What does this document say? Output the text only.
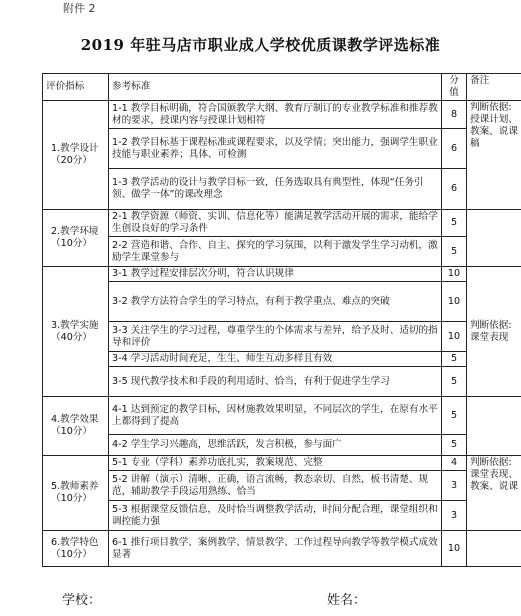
附件 2
2019 年驻马店市职业成人学校优质课教学评选标准
评价指标	参考标准	分值	备注
1.教学设计（20分）	1-1 教学目标明确，符合国颁教学大纲、教育厅制订的专业教学标准和推荐教材的要求，授课内容与授课计划相符	8	判断依据:授课计划、教案、说课稿
	1-2 教学目标基于课程标准或课程要求，以及学情；突出能力，强调学生职业技能与职业素养；具体、可检测	6	
	1-3 教学活动的设计与教学目标一致，任务选取具有典型性，体现“任务引领、做学一体”的课改理念	6	
2.教学环境（10分）	2-1 教学资源（师资、实训、信息化等）能满足教学活动开展的需求，能给学生创设良好的学习条件	5	
	2-2 营造和谐、合作、自主、探究的学习氛围，以利于激发学生学习动机，激励学生课堂参与	5	
3.教学实施（40分）	3-1 教学过程安排层次分明，符合认识规律	10	判断依据:课堂表现
	3-2 教学方法符合学生的学习特点，有利于教学重点、难点的突破	10	
	3-3 关注学生的学习过程，尊重学生的个体需求与差异，给予及时、适切的指导和评价	10	
	3-4 学习活动时间充足，生生、师生互动多样且有效	5	
	3-5 现代教学技术和手段的利用适时、恰当，有利于促进学生学习	5	
4.教学效果（10分）	4-1 达到预定的教学目标，因材施教效果明显，不同层次的学生，在原有水平上都得到了提高	5	
	4-2 学生学习兴趣高，思维活跃，发言积极，参与面广	5	
5.教师素养（10分）	5-1 专业（学科）素养功底扎实，教案规范、完整	4	判断依据:课堂表现、教案、说课
	5-2 讲解（演示）清晰、正确，语言流畅，教态亲切、自然，板书清楚、规范，辅助教学手段运用熟练、恰当	3	
	5-3 根据课堂反馈信息，及时恰当调整教学活动，时间分配合理，课堂组织和调控能力强	3	
6.教学特色（10分）	6-1 推行项目教学、案例教学、情景教学、工作过程导向教学等教学模式成效显著	10	
学校：	姓名：
